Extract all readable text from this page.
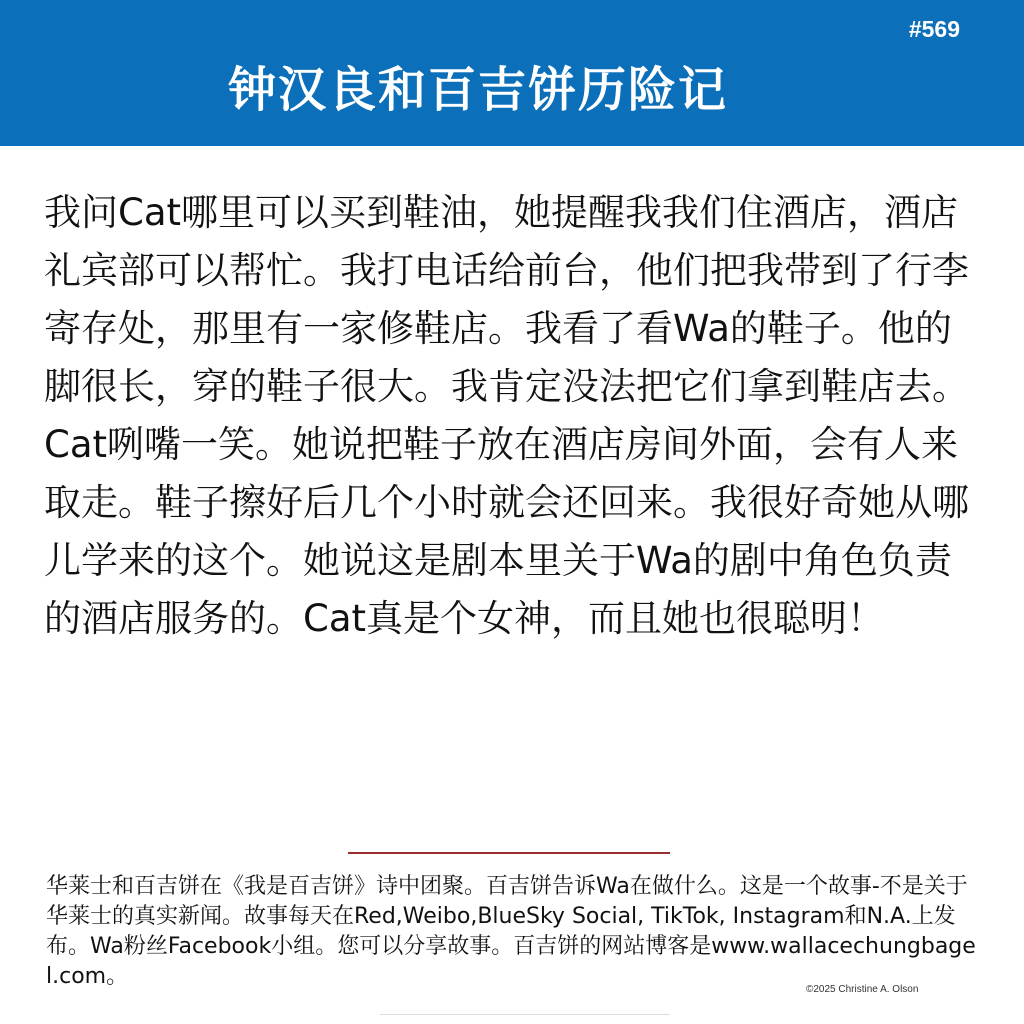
#569
钟汉良和百吉饼历险记
我问Cat哪里可以买到鞋油，她提醒我我们住酒店，酒店礼宾部可以帮忙。我打电话给前台，他们把我带到了行李寄存处，那里有一家修鞋店。我看了看Wa的鞋子。他的脚很长，穿的鞋子很大。我肯定没法把它们拿到鞋店去。Cat咧嘴一笑。她说把鞋子放在酒店房间外面，会有人来取走。鞋子擦好后几个小时就会还回来。我很好奇她从哪儿学来的这个。她说这是剧本里关于Wa的剧中角色负责的酒店服务的。Cat真是个女神，而且她也很聪明！
华莱士和百吉饼在《我是百吉饼》诗中团聚。百吉饼告诉Wa在做什么。这是一个故事-不是关于华莱士的真实新闻。故事每天在Red,Weibo,BlueSky Social, TikTok, Instagram和N.A.上发布。Wa粉丝Facebook小组。您可以分享故事。百吉饼的网站博客是www.wallacechungbagel.com。
©2025 Christine A. Olson
